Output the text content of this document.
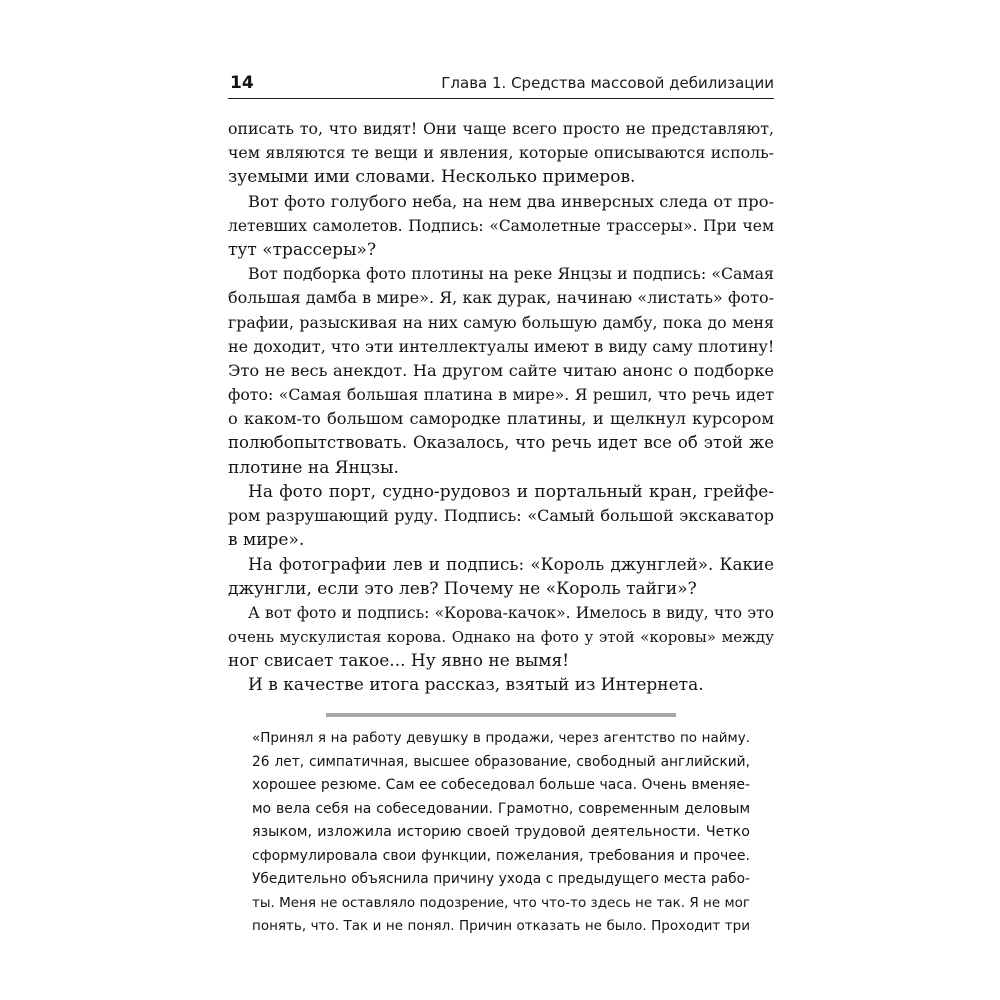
14	Глава 1. Средства массовой дебилизации
описать то, что видят! Они чаще всего просто не представляют,
чем являются те вещи и явления, которые описываются исполь-
зуемыми ими словами. Несколько примеров.
Вот фото голубого неба, на нем два инверсных следа от про-
летевших самолетов. Подпись: «Самолетные трассеры». При чем
тут «трассеры»?
Вот подборка фото плотины на реке Янцзы и подпись: «Самая
большая дамба в мире». Я, как дурак, начинаю «листать» фото-
графии, разыскивая на них самую большую дамбу, пока до меня
не доходит, что эти интеллектуалы имеют в виду саму плотину!
Это не весь анекдот. На другом сайте читаю анонс о подборке
фото: «Самая большая платина в мире». Я решил, что речь идет
о каком-то большом самородке платины, и щелкнул курсором
полюбопытствовать. Оказалось, что речь идет все об этой же
плотине на Янцзы.
На фото порт, судно-рудовоз и портальный кран, грейфе-
ром разрушающий руду. Подпись: «Самый большой экскаватор
в мире».
На фотографии лев и подпись: «Король джунглей». Какие
джунгли, если это лев? Почему не «Король тайги»?
А вот фото и подпись: «Корова-качок». Имелось в виду, что это
очень мускулистая корова. Однако на фото у этой «коровы» между
ног свисает такое... Ну явно не вымя!
И в качестве итога рассказ, взятый из Интернета.
«Принял я на работу девушку в продажи, через агентство по найму.
26 лет, симпатичная, высшее образование, свободный английский,
хорошее резюме. Сам ее собеседовал больше часа. Очень вменяе-
мо вела себя на собеседовании. Грамотно, современным деловым
языком, изложила историю своей трудовой деятельности. Четко
сформулировала свои функции, пожелания, требования и прочее.
Убедительно объяснила причину ухода с предыдущего места рабо-
ты. Меня не оставляло подозрение, что что-то здесь не так. Я не мог
понять, что. Так и не понял. Причин отказать не было. Проходит три
